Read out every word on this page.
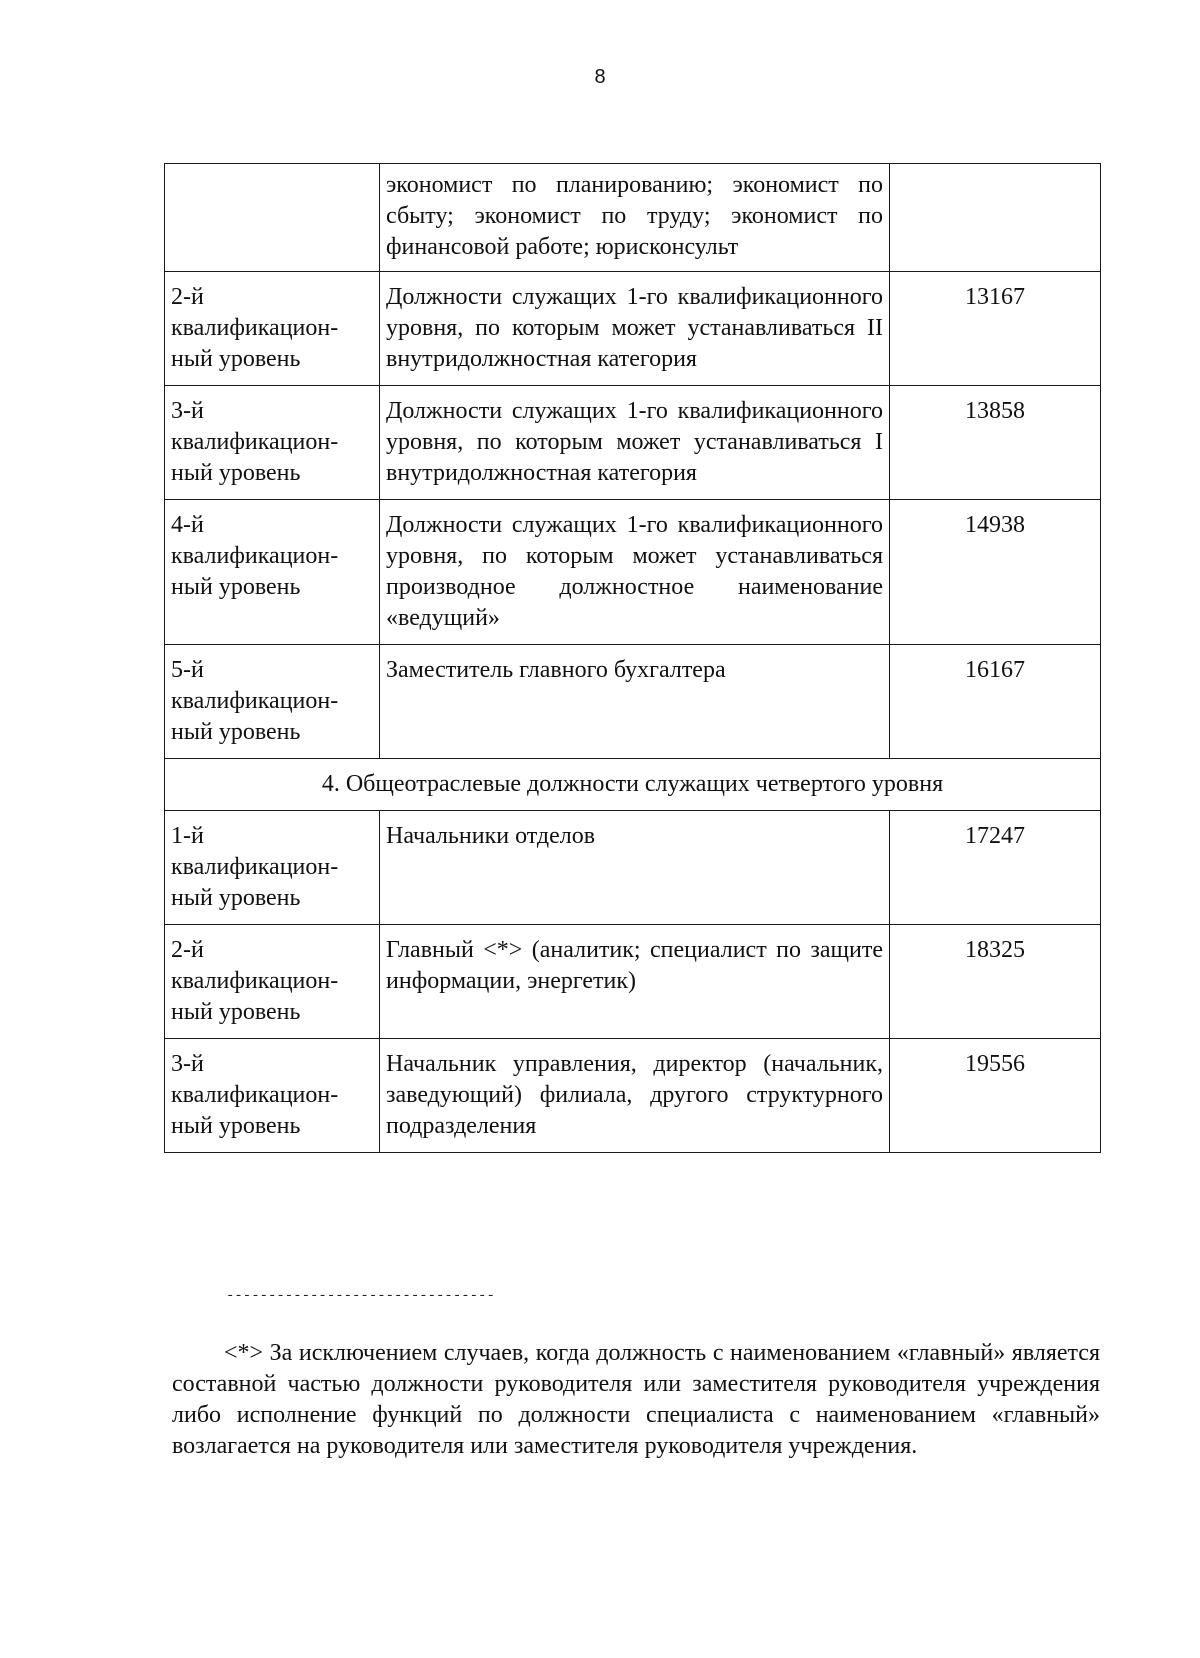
8
	экономист по планированию; экономист по сбыту; экономист по труду; экономист по финансовой работе; юрисконсульт	
2-й
квалификацион-
ный уровень	Должности служащих 1-го квалификационного уровня, по которым может устанавливаться II внутридолжностная категория	13167
3-й
квалификацион-
ный уровень	Должности служащих 1-го квалификационного уровня, по которым может устанавливаться I внутридолжностная категория	13858
4-й
квалификацион-
ный уровень	Должности служащих 1-го квалификационного уровня, по которым может устанавливаться производное должностное наименование «ведущий»	14938
5-й
квалификацион-
ный уровень	Заместитель главного бухгалтера	16167
4. Общеотраслевые должности служащих четвертого уровня		
1-й
квалификацион-
ный уровень	Начальники отделов	17247
2-й
квалификацион-
ный уровень	Главный <*> (аналитик; специалист по защите информации, энергетик)	18325
3-й
квалификацион-
ный уровень	Начальник управления, директор (начальник, заведующий) филиала, другого структурного подразделения	19556
--------------------------------
<*> За исключением случаев, когда должность с наименованием «главный» является составной частью должности руководителя или заместителя руководителя учреждения либо исполнение функций по должности специалиста с наименованием «главный» возлагается на руководителя или заместителя руководителя учреждения.
